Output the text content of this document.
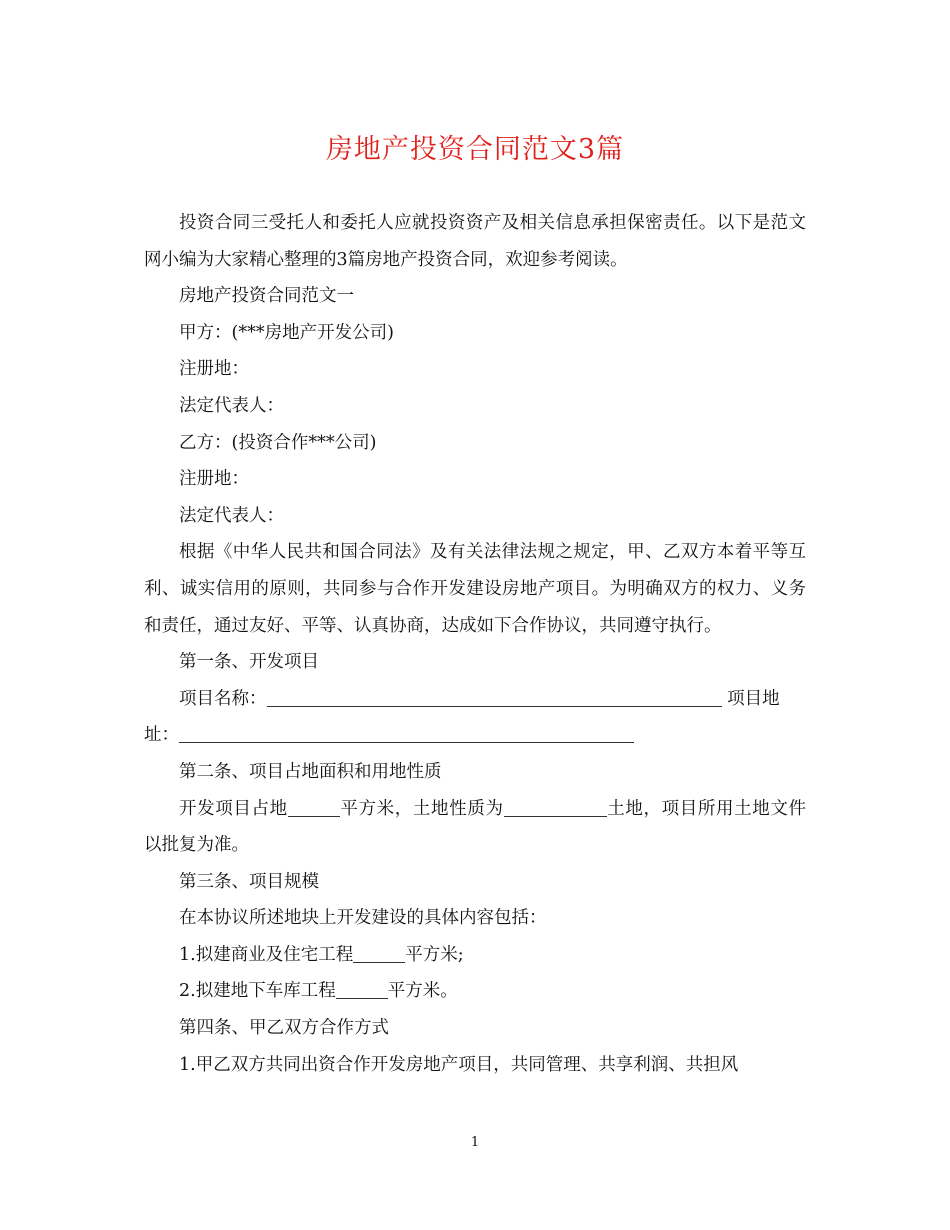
房地产投资合同范文3篇

投资合同三受托人和委托人应就投资资产及相关信息承担保密责任。以下是范文网小编为大家精心整理的3篇房地产投资合同，欢迎参考阅读。

房地产投资合同范文一

甲方：(***房地产开发公司)

注册地：

法定代表人：

乙方：(投资合作***公司)

注册地：

法定代表人：

根据《中华人民共和国合同法》及有关法律法规之规定，甲、乙双方本着平等互利、诚实信用的原则，共同参与合作开发建设房地产项目。为明确双方的权力、义务和责任，通过友好、平等、认真协商，达成如下合作协议，共同遵守执行。

第一条、开发项目

项目名称：	项目地

址：

第二条、项目占地面积和用地性质

开发项目占地	平方米，土地性质为	土地，项目所用土地文件以批复为准。

第三条、项目规模

在本协议所述地块上开发建设的具体内容包括：

1.拟建商业及住宅工程	平方米;

2.拟建地下车库工程	平方米。

第四条、甲乙双方合作方式

1.甲乙双方共同出资合作开发房地产项目，共同管理、共享利润、共担风

1
